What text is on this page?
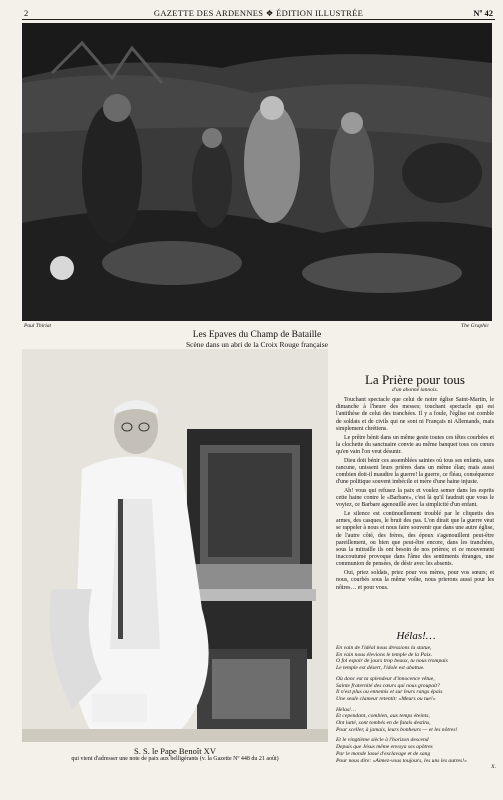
2	GAZETTE DES ARDENNES ❖ ÉDITION ILLUSTRÉE	Nº 42
Paul Thiriat	The Graphic
Les Epaves du Champ de Bataille
Scène dans un abri de la Croix Rouge française
S. S. le Pape Benoît XV
qui vient d'adresser une note de paix aux belligérants (v. la Gazette Nº 448 du 21 août)
La Prière pour tous
d'un abonné lannois.

Touchant spectacle que celui de notre église Saint-Martin, le dimanche à l'heure des messes; touchant spectacle qui est l'antithèse de celui des tranchées. Il y a foule, l'église est comble de soldats et de civils qui ne sont ni Français ni Allemands, mais simplement chrétiens.

Le prêtre bénit dans un même geste toutes ces têtes courbées et la clochette du sanctuaire convie au même banquet tous ces cœurs qu'en vain l'on veut désunir.

Dieu doit bénir ces assemblées saintes où tous ses enfants, sans rancune, unissent leurs prières dans un même élan; mais aussi combien doit-il maudire la guerre! la guerre, ce fléau, conséquence d'une politique souvent imbécile et mère d'une haine injuste.

Ah! vous qui refusez la paix et voulez semer dans les esprits cette haine contre le «Barbare», c'est là qu'il faudrait que vous le voyiez, ce Barbare agenouillé avec la simplicité d'un enfant.

Le silence est continuellement troublé par le cliquetis des armes, des casques, le bruit des pas. L'on dirait que la guerre veut se rappeler à nous et nous faire souvenir que dans une autre église, de l'autre côté, des frères, des époux s'agenouillent peut-être pareillement, ou bien que peut-être encore, dans les tranchées, sous la mitraille ils ont besoin de nos prières; et ce mouvement inaccoutumé provoque dans l'âme des sentiments étranges, une communion de pensées, de désir avec les absents.

Oui, priez soldats, priez pour vos mères, pour vos sœurs; et nous, courbés sous la même voûte, nous prierons aussi pour les nôtres… et pour vous.

Hélas!…
En vain de l'idéal nous dressions la statue,
En vain nous élevions le temple de la Paix.
O fol espoir de jours trop beaux, tu nous trompais
Le temple est désert, l'idole est abattue.
Où donc est ta splendeur d'innocence vêtue,
Sainte fraternité des cœurs qui nous groupait?
Il n'est plus ou ennemis et sur leurs rangs épais
Une seule clameur retentit: «Meurs ou tue!»
Hélas!…
Et cependant, combien, aux temps éteints,
Ont lutté, sont tombés en de fatals destins,
Pour sceller, à jamais, leurs bonheurs — et les nôtres!
Et le vingtième siècle à l'horizon descend
Depuis que Jésus même envoya ses apôtres
Par le monde lassé d'esclavage et de sang
Pour nous dire: «Aimez-vous toujours, les uns les autres!»
X.
